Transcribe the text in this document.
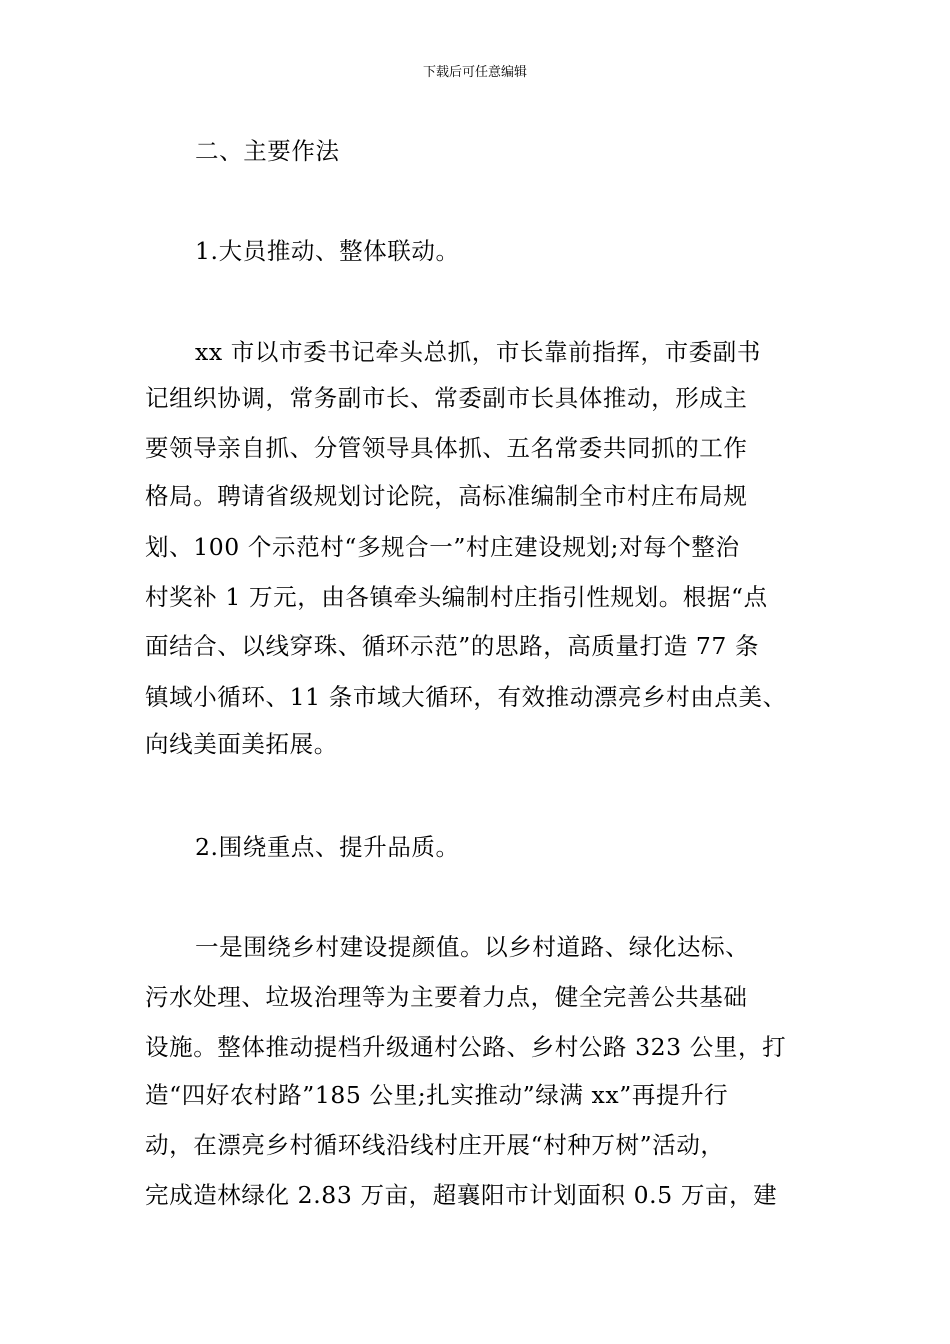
下载后可任意编辑
二、主要作法
1.大员推动、整体联动。
xx 市以市委书记牵头总抓，市长靠前指挥，市委副书
记组织协调，常务副市长、常委副市长具体推动，形成主
要领导亲自抓、分管领导具体抓、五名常委共同抓的工作
格局。聘请省级规划讨论院，高标准编制全市村庄布局规
划、100 个示范村“多规合一”村庄建设规划;对每个整治
村奖补 1 万元，由各镇牵头编制村庄指引性规划。根据“点
面结合、以线穿珠、循环示范”的思路，高质量打造 77 条
镇域小循环、11 条市域大循环，有效推动漂亮乡村由点美、
向线美面美拓展。
2.围绕重点、提升品质。
一是围绕乡村建设提颜值。以乡村道路、绿化达标、
污水处理、垃圾治理等为主要着力点，健全完善公共基础
设施。整体推动提档升级通村公路、乡村公路 323 公里，打
造“四好农村路”185 公里;扎实推动”绿满 xx”再提升行
动，在漂亮乡村循环线沿线村庄开展“村种万树”活动，
完成造林绿化 2.83 万亩，超襄阳市计划面积 0.5 万亩，建
